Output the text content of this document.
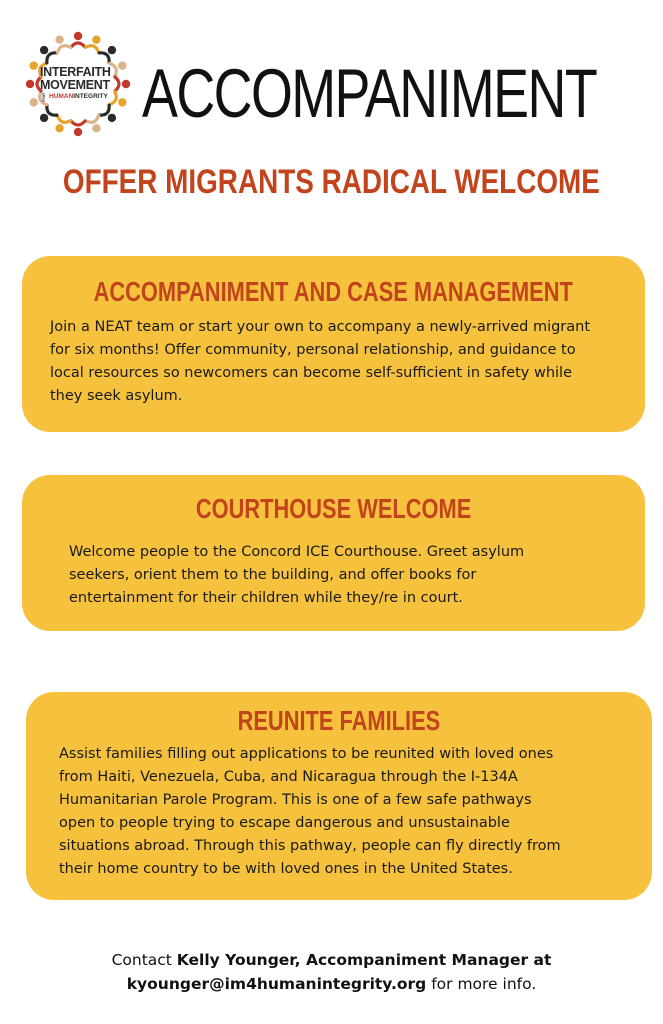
INTERFAITH
MOVEMENT
FOR HUMAN INTEGRITY ACCOMPANIMENT
OFFER MIGRANTS RADICAL WELCOME
ACCOMPANIMENT AND CASE MANAGEMENT

Join a NEAT team or start your own to accompany a newly-arrived migrant
for six months! Offer community, personal relationship, and guidance to
local resources so newcomers can become self-sufficient in safety while
they seek asylum.

COURTHOUSE WELCOME

Welcome people to the Concord ICE Courthouse. Greet asylum
seekers, orient them to the building, and offer books for
entertainment for their children while they/re in court.

REUNITE FAMILIES

Assist families filling out applications to be reunited with loved ones
from Haiti, Venezuela, Cuba, and Nicaragua through the I-134A
Humanitarian Parole Program. This is one of a few safe pathways
open to people trying to escape dangerous and unsustainable
situations abroad. Through this pathway, people can fly directly from
their home country to be with loved ones in the United States.

Contact Kelly Younger, Accompaniment Manager at
kyounger@im4humanintegrity.org for more info.
